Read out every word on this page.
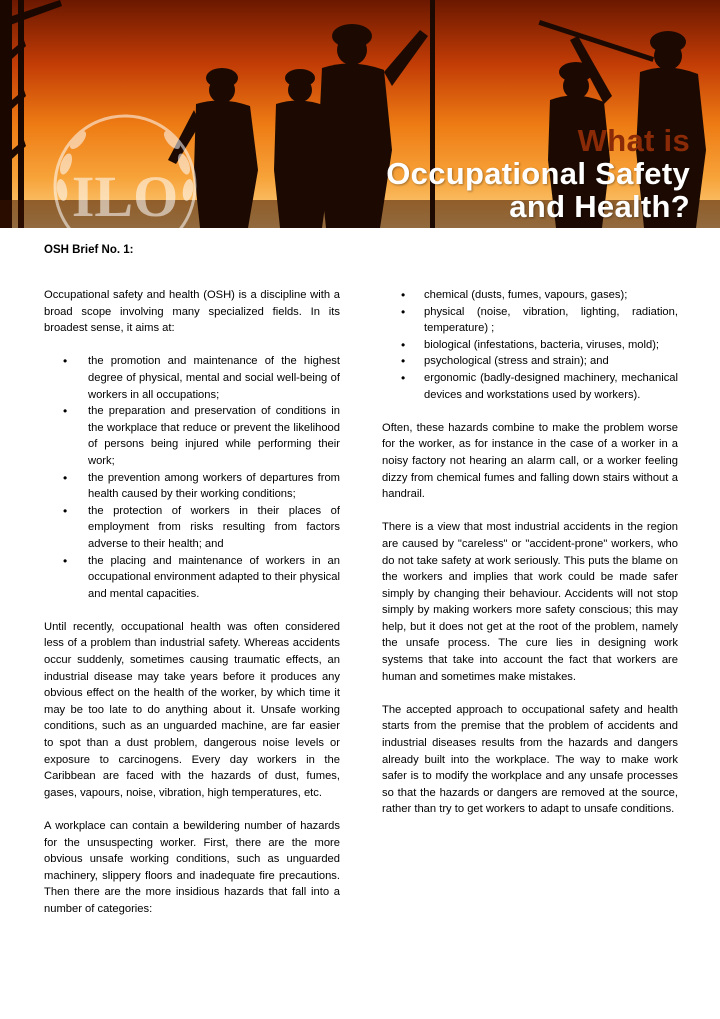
ILO
What is
Occupational Safety
and Health?
OSH Brief No. 1:

Occupational safety and health (OSH) is a discipline with a broad scope involving many specialized fields. In its broadest sense, it aims at:

• the promotion and maintenance of the highest degree of physical, mental and social well-being of workers in all occupations;
• the preparation and preservation of conditions in the workplace that reduce or prevent the likelihood of persons being injured while performing their work;
• the prevention among workers of departures from health caused by their working conditions;
• the protection of workers in their places of employment from risks resulting from factors adverse to their health; and
• the placing and maintenance of workers in an occupational environment adapted to their physical and mental capacities.

Until recently, occupational health was often considered less of a problem than industrial safety. Whereas accidents occur suddenly, sometimes causing traumatic effects, an industrial disease may take years before it produces any obvious effect on the health of the worker, by which time it may be too late to do anything about it. Unsafe working conditions, such as an unguarded machine, are far easier to spot than a dust problem, dangerous noise levels or exposure to carcinogens. Every day workers in the Caribbean are faced with the hazards of dust, fumes, gases, vapours, noise, vibration, high temperatures, etc.

A workplace can contain a bewildering number of hazards for the unsuspecting worker. First, there are the more obvious unsafe working conditions, such as unguarded machinery, slippery floors and inadequate fire precautions. Then there are the more insidious hazards that fall into a number of categories:

• chemical (dusts, fumes, vapours, gases);
• physical (noise, vibration, lighting, radiation, temperature) ;
• biological (infestations, bacteria, viruses, mold);
• psychological (stress and strain); and
• ergonomic (badly-designed machinery, mechanical devices and workstations used by workers).

Often, these hazards combine to make the problem worse for the worker, as for instance in the case of a worker in a noisy factory not hearing an alarm call, or a worker feeling dizzy from chemical fumes and falling down stairs without a handrail.

There is a view that most industrial accidents in the region are caused by "careless" or "accident-prone" workers, who do not take safety at work seriously. This puts the blame on the workers and implies that work could be made safer simply by changing their behaviour. Accidents will not stop simply by making workers more safety conscious; this may help, but it does not get at the root of the problem, namely the unsafe process. The cure lies in designing work systems that take into account the fact that workers are human and sometimes make mistakes.

The accepted approach to occupational safety and health starts from the premise that the problem of accidents and industrial diseases results from the hazards and dangers already built into the workplace. The way to make work safer is to modify the workplace and any unsafe processes so that the hazards or dangers are removed at the source, rather than try to get workers to adapt to unsafe conditions.
